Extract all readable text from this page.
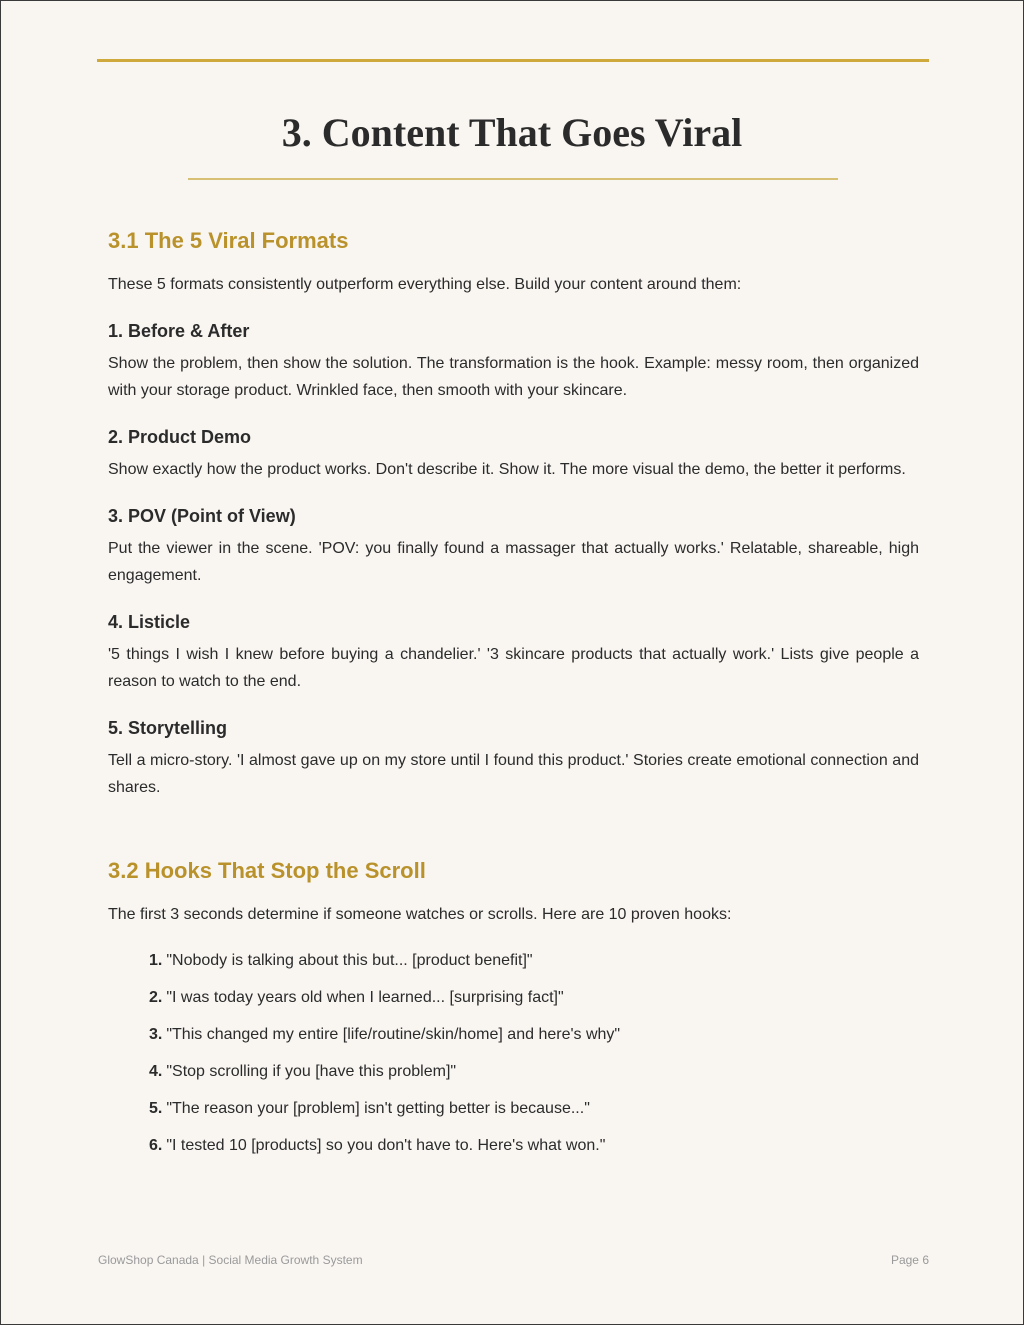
3. Content That Goes Viral
3.1 The 5 Viral Formats

These 5 formats consistently outperform everything else. Build your content around them:

1. Before & After

Show the problem, then show the solution. The transformation is the hook. Example: messy room, then organized with your storage product. Wrinkled face, then smooth with your skincare.

2. Product Demo

Show exactly how the product works. Don't describe it. Show it. The more visual the demo, the better it performs.

3. POV (Point of View)

Put the viewer in the scene. 'POV: you finally found a massager that actually works.' Relatable, shareable, high engagement.

4. Listicle

'5 things I wish I knew before buying a chandelier.' '3 skincare products that actually work.' Lists give people a reason to watch to the end.

5. Storytelling

Tell a micro-story. 'I almost gave up on my store until I found this product.' Stories create emotional connection and shares.

3.2 Hooks That Stop the Scroll

The first 3 seconds determine if someone watches or scrolls. Here are 10 proven hooks:

1. "Nobody is talking about this but... [product benefit]"
2. "I was today years old when I learned... [surprising fact]"
3. "This changed my entire [life/routine/skin/home] and here's why"
4. "Stop scrolling if you [have this problem]"
5. "The reason your [problem] isn't getting better is because..."
6. "I tested 10 [products] so you don't have to. Here's what won."
GlowShop Canada | Social Media Growth System	Page 6
